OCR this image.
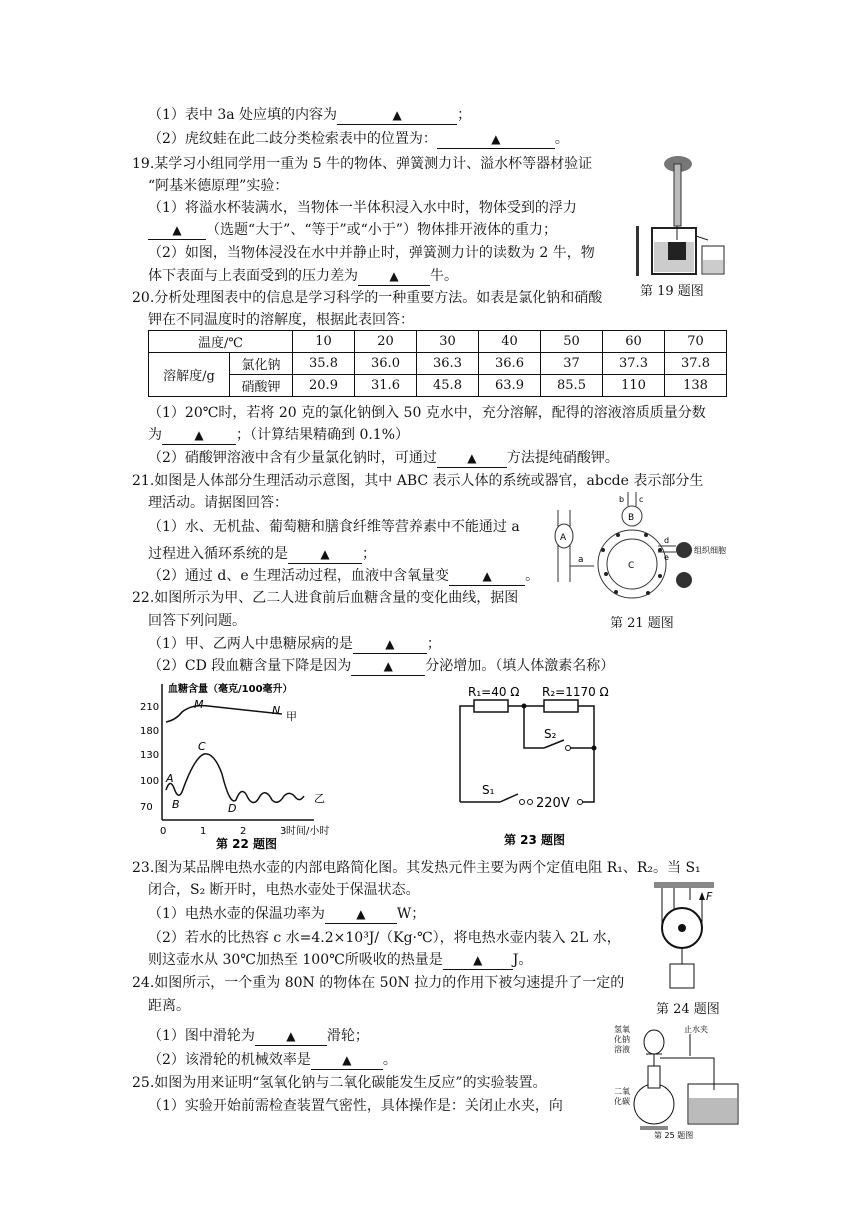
（1）表中 3a 处应填的内容为	▲	；
（2）虎纹蛙在此二歧分类检索表中的位置为：	▲	。
19.某学习小组同学用一重为 5 牛的物体、弹簧测力计、溢水杯等器材验证
“阿基米德原理”实验：
（1）将溢水杯装满水，当物体一半体积浸入水中时，物体受到的浮力
▲ （选题“大于”、“等于”或“小于”）物体排开液体的重力；
（2）如图，当物体浸没在水中并静止时，弹簧测力计的读数为 2 牛，物
体下表面与上表面受到的压力差为	▲ 牛。
第 19 题图
20.分析处理图表中的信息是学习科学的一种重要方法。如表是氯化钠和硝酸
钾在不同温度时的溶解度，根据此表回答：
温度/℃		10	20	30	40	50	60	70
溶解度/g	氯化钠	35.8	36.0	36.3	36.6	37	37.3	37.8
	硝酸钾	20.9	31.6	45.8	63.9	85.5	110	138
（1）20℃时，若将 20 克的氯化钠倒入 50 克水中，充分溶解，配得的溶液溶质质量分数
为	▲ ；（计算结果精确到 0.1%）
（2）硝酸钾溶液中含有少量氯化钠时，可通过	▲ 方法提纯硝酸钾。
21.如图是人体部分生理活动示意图，其中 ABC 表示人体的系统或器官，abcde 表示部分生
理活动。请据图回答：
（1）水、无机盐、葡萄糖和膳食纤维等营养素中不能通过 a
过程进入循环系统的是	▲ ；
（2）通过 d、e 生理活动过程，血液中含氧量变	▲ 。
A
a
C
B
b c
d
e
组织细胞
第 21 题图
22.如图所示为甲、乙二人进食前后血糖含量的变化曲线，据图
回答下列问题。
（1）甲、乙两人中患糖尿病的是	▲ ；
（2）CD 段血糖含量下降是因为	▲ 分泌增加。（填人体激素名称）
血糖含量（毫克/100毫升）
时间/小时
210
180
130
100
70
0	1	2	3
M	N 甲
A
B
C
D
乙
第 22 题图
R₁=40 Ω R₂=1170 Ω
S₂
S₁
220V
第 23 题图
23.图为某品牌电热水壶的内部电路简化图。其发热元件主要为两个定值电阻 R₁、R₂。当 S₁
闭合，S₂ 断开时，电热水壶处于保温状态。
（1）电热水壶的保温功率为	▲ W；
（2）若水的比热容 c 水=4.2×10³J/（Kg·℃），将电热水壶内装入 2L 水，
则这壶水从 30℃加热至 100℃所吸收的热量是	▲ J。
F
第 24 题图
24.如图所示，一个重为 80N 的物体在 50N 拉力的作用下被匀速提升了一定的
距离。
（1）图中滑轮为	▲ 滑轮；
（2）该滑轮的机械效率是	▲ 。
25.如图为用来证明“氢氧化钠与二氧化碳能发生反应”的实验装置。
（1）实验开始前需检查装置气密性，具体操作是：关闭止水夹，向
氢氧
化钠
溶液
止水夹
二氧
化碳
第 25 题图
